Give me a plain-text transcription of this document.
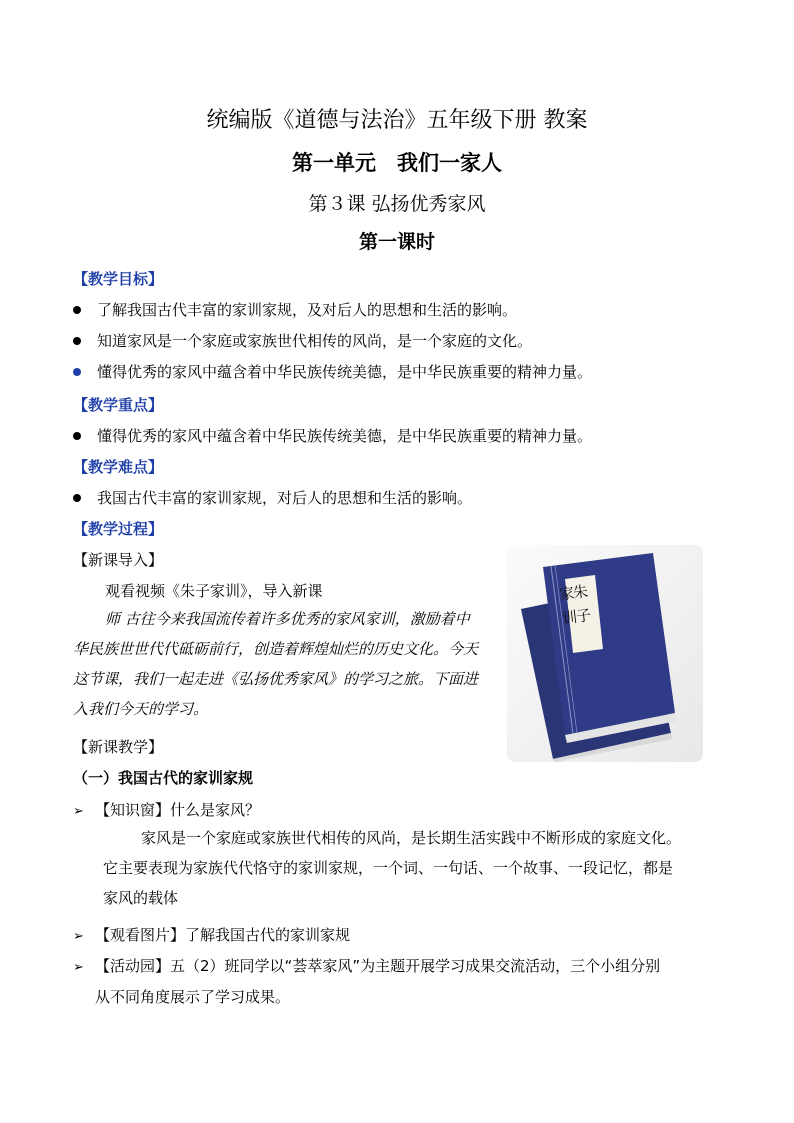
统编版《道德与法治》五年级下册 教案
第一单元　我们一家人
第３课 弘扬优秀家风
第一课时
【教学目标】
了解我国古代丰富的家训家规，及对后人的思想和生活的影响。
知道家风是一个家庭或家族世代相传的风尚，是一个家庭的文化。
懂得优秀的家风中蕴含着中华民族传统美德，是中华民族重要的精神力量。
【教学重点】
懂得优秀的家风中蕴含着中华民族传统美德，是中华民族重要的精神力量。
【教学难点】
我国古代丰富的家训家规，对后人的思想和生活的影响。
【教学过程】
【新课导入】
观看视频《朱子家训》，导入新课
师 古往今来我国流传着许多优秀的家风家训，激励着中
华民族世世代代砥砺前行，创造着辉煌灿烂的历史文化。今天
这节课，我们一起走进《弘扬优秀家风》的学习之旅。下面进
入我们今天的学习。
【新课教学】
（一）我国古代的家训家规
➢ 【知识窗】什么是家风？
家风是一个家庭或家族世代相传的风尚，是长期生活实践中不断形成的家庭文化。
它主要表现为家族代代恪守的家训家规，一个词、一句话、一个故事、一段记忆，都是
家风的载体
➢ 【观看图片】了解我国古代的家训家规
➢ 【活动园】五（2）班同学以“荟萃家风”为主题开展学习成果交流活动，三个小组分别
从不同角度展示了学习成果。
朱子家训
